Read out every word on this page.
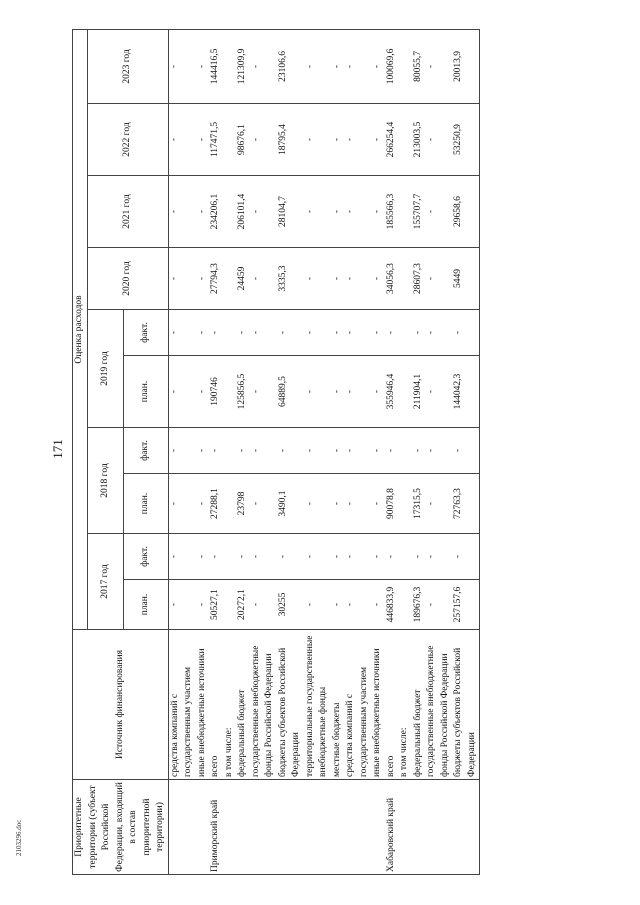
171
2103296.doc	Приоритетные территории (субъект Российской Федерации, входящий в состав приоритетной территории)	Источник финансирования	Оценка расходов									
		2017 год		2018 год		2019 год		2020 год	2021 год	2022 год	2023 год
		план.	факт.	план.	факт.	план.	факт.				

	средства компаний с государственным участием	-	-	-	-	-	-	-	-	-	-
	иные внебюджетные источники	-	-	-	-	-	-	-	-	-	-
Приморский край	всего	50527,1	-	27288,1	-	190746	-	27794,3	234206,1	117471,5	144416,5
	в том числе:										
	федеральный бюджет	20272,1	-	23798	-	125856,5	-	24459	206101,4	98676,1	121309,9
	государственные внебюджетные фонды Российской Федерации	-	-	-	-	-	-	-	-	-	-
	бюджеты субъектов Российской Федерации	30255	-	3490,1	-	64889,5	-	3335,3	28104,7	18795,4	23106,6
	территориальные государственные внебюджетные фонды	-	-	-	-	-	-	-	-	-	-
	местные бюджеты	-	-	-	-	-	-	-	-	-	-
	средства компаний с государственным участием	-	-	-	-	-	-	-	-	-	-
	иные внебюджетные источники	-	-	-	-	-	-	-	-	-	-
Хабаровский край	всего	446833,9	-	90078,8	-	355946,4	-	34056,3	185566,3	266254,4	100069,6
	в том числе:										
	федеральный бюджет	189676,3	-	17315,5	-	211904,1	-	28607,3	155707,7	213003,5	80055,7
	государственные внебюджетные фонды Российской Федерации	-	-	-	-	-	-	-	-	-	-
	бюджеты субъектов Российской Федерации	257157,6	-	72763,3	-	144042,3	-	5449	29658,6	53250,9	20013,9
